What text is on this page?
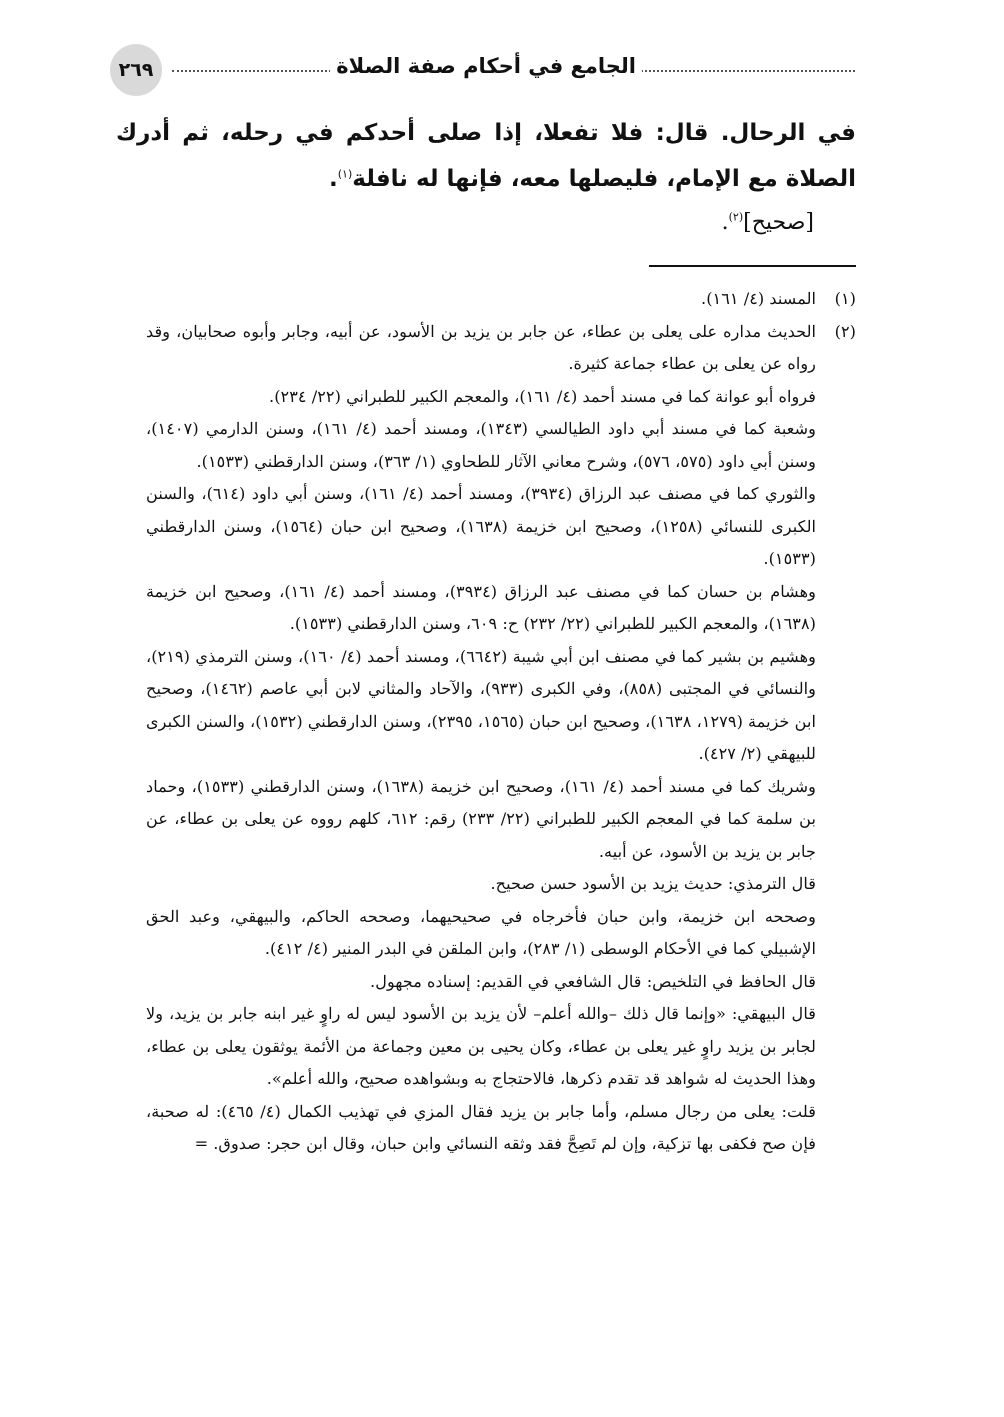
٢٦٩	الجامع في أحكام صفة الصلاة

في الرحال. قال: فلا تفعلا، إذا صلى أحدكم في رحله، ثم أدرك الصلاة مع الإمام، فليصلها معه، فإنها له نافلة$^{(١)}$.

[صحيح]$^{(٢)}$.
(١)

المسند (٤/ ١٦١).

(٢)

الحديث مداره على يعلى بن عطاء، عن جابر بن يزيد بن الأسود، عن أبيه، وجابر وأبوه صحابيان، وقد رواه عن يعلى بن عطاء جماعة كثيرة.

فرواه أبو عوانة كما في مسند أحمد (٤/ ١٦١)، والمعجم الكبير للطبراني (٢٢/ ٢٣٤).

وشعبة كما في مسند أبي داود الطيالسي (١٣٤٣)، ومسند أحمد (٤/ ١٦١)، وسنن الدارمي (١٤٠٧)، وسنن أبي داود (٥٧٥، ٥٧٦)، وشرح معاني الآثار للطحاوي (١/ ٣٦٣)، وسنن الدارقطني (١٥٣٣).

والثوري كما في مصنف عبد الرزاق (٣٩٣٤)، ومسند أحمد (٤/ ١٦١)، وسنن أبي داود (٦١٤)، والسنن الكبرى للنسائي (١٢٥٨)، وصحيح ابن خزيمة (١٦٣٨)، وصحيح ابن حبان (١٥٦٤)، وسنن الدارقطني (١٥٣٣).

وهشام بن حسان كما في مصنف عبد الرزاق (٣٩٣٤)، ومسند أحمد (٤/ ١٦١)، وصحيح ابن خزيمة (١٦٣٨)، والمعجم الكبير للطبراني (٢٢/ ٢٣٢) ح: ٦٠٩، وسنن الدارقطني (١٥٣٣).

وهشيم بن بشير كما في مصنف ابن أبي شيبة (٦٦٤٢)، ومسند أحمد (٤/ ١٦٠)، وسنن الترمذي (٢١٩)، والنسائي في المجتبى (٨٥٨)، وفي الكبرى (٩٣٣)، والآحاد والمثاني لابن أبي عاصم (١٤٦٢)، وصحيح ابن خزيمة (١٢٧٩، ١٦٣٨)، وصحيح ابن حبان (١٥٦٥، ٢٣٩٥)، وسنن الدارقطني (١٥٣٢)، والسنن الكبرى للبيهقي (٢/ ٤٢٧).

وشريك كما في مسند أحمد (٤/ ١٦١)، وصحيح ابن خزيمة (١٦٣٨)، وسنن الدارقطني (١٥٣٣)، وحماد بن سلمة كما في المعجم الكبير للطبراني (٢٢/ ٢٣٣) رقم: ٦١٢، كلهم رووه عن يعلى بن عطاء، عن جابر بن يزيد بن الأسود، عن أبيه.

قال الترمذي: حديث يزيد بن الأسود حسن صحيح.

وصححه ابن خزيمة، وابن حبان فأخرجاه في صحيحيهما، وصححه الحاكم، والبيهقي، وعبد الحق الإشبيلي كما في الأحكام الوسطى (١/ ٢٨٣)، وابن الملقن في البدر المنير (٤/ ٤١٢).

قال الحافظ في التلخيص: قال الشافعي في القديم: إسناده مجهول.

قال البيهقي: «وإنما قال ذلك –والله أعلم– لأن يزيد بن الأسود ليس له راوٍ غير ابنه جابر بن يزيد، ولا لجابر بن يزيد راوٍ غير يعلى بن عطاء، وكان يحيى بن معين وجماعة من الأئمة يوثقون يعلى بن عطاء، وهذا الحديث له شواهد قد تقدم ذكرها، فالاحتجاج به وبشواهده صحيح، والله أعلم».

قلت: يعلى من رجال مسلم، وأما جابر بن يزيد فقال المزي في تهذيب الكمال (٤/ ٤٦٥): له صحبة، فإن صح فكفى بها تزكية، وإن لم تَصِحَّ فقد وثقه النسائي وابن حبان، وقال ابن حجر: صدوق. =
